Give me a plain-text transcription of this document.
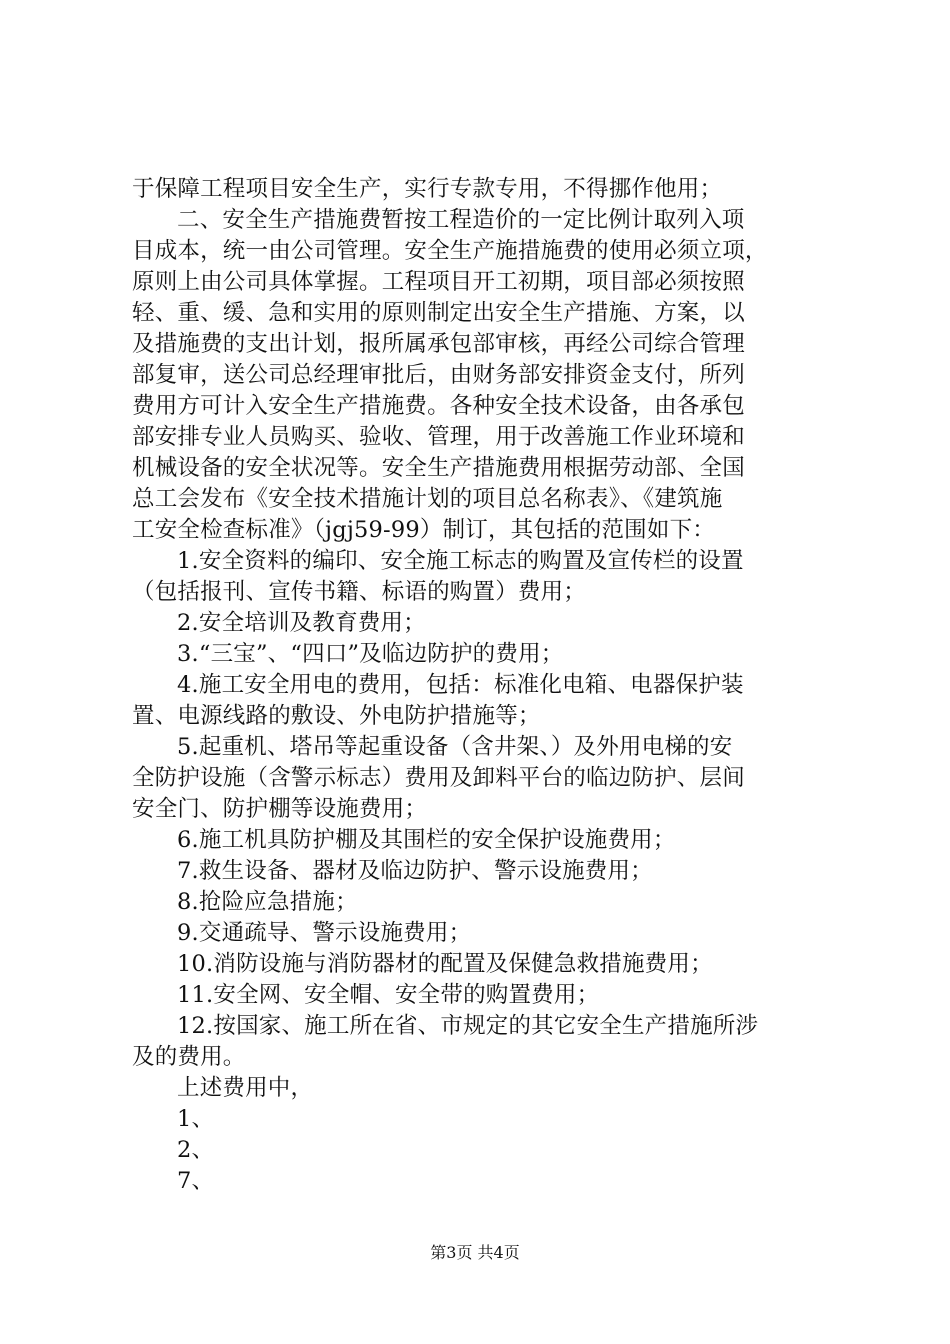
于保障工程项目安全生产，实行专款专用，不得挪作他用；
二、安全生产措施费暂按工程造价的一定比例计取列入项
目成本，统一由公司管理。安全生产施措施费的使用必须立项，
原则上由公司具体掌握。工程项目开工初期，项目部必须按照
轻、重、缓、急和实用的原则制定出安全生产措施、方案，以
及措施费的支出计划，报所属承包部审核，再经公司综合管理
部复审，送公司总经理审批后，由财务部安排资金支付，所列
费用方可计入安全生产措施费。各种安全技术设备，由各承包
部安排专业人员购买、验收、管理，用于改善施工作业环境和
机械设备的安全状况等。安全生产措施费用根据劳动部、全国
总工会发布《安全技术措施计划的项目总名称表》、《建筑施
工安全检查标准》（jgj59-99）制订，其包括的范围如下：
1.安全资料的编印、安全施工标志的购置及宣传栏的设置
（包括报刊、宣传书籍、标语的购置）费用；
2.安全培训及教育费用；
3.“三宝”、“四口”及临边防护的费用；
4.施工安全用电的费用，包括：标准化电箱、电器保护装
置、电源线路的敷设、外电防护措施等；
5.起重机、塔吊等起重设备（含井架、）及外用电梯的安
全防护设施（含警示标志）费用及卸料平台的临边防护、层间
安全门、防护棚等设施费用；
6.施工机具防护棚及其围栏的安全保护设施费用；
7.救生设备、器材及临边防护、警示设施费用；
8.抢险应急措施；
9.交通疏导、警示设施费用；
10.消防设施与消防器材的配置及保健急救措施费用；
11.安全网、安全帽、安全带的购置费用；
12.按国家、施工所在省、市规定的其它安全生产措施所涉
及的费用。
上述费用中，
1、
2、
7、
第3页 共4页
